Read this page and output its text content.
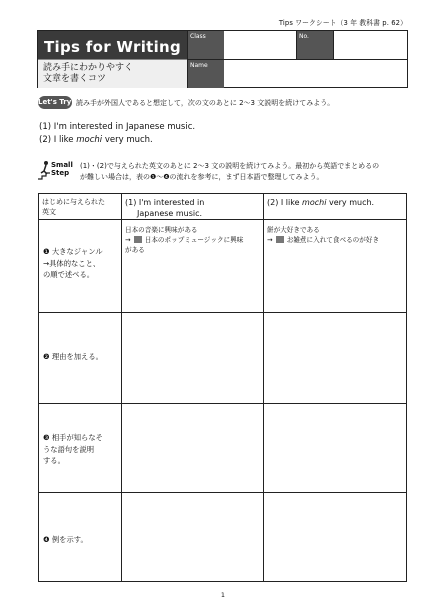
Tips ワークシート（3 年 教科書 p. 62）
Tips for Writing
読み手にわかりやすく
文章を書くコツ
Class	No.
Name
Let's Try! 読み手が外国人であると想定して，次の文のあとに 2～3 文説明を続けてみよう。
(1) I'm interested in Japanese music.
(2) I like mochi very much.
Small
Step
(1)・(2)で与えられた英文のあとに 2～3 文の説明を続けてみよう。最初から英語でまとめるの
が難しい場合は，表の❶～❹の流れを参考に，まず日本語で整理してみよう。
はじめに与えられた
英文
(1) I'm interested in
Japanese music.
(2) I like mochi very much.
❶ 大きなジャンル
→具体的なこと、
の順で述べる。
日本の音楽に興味がある
→  日本のポップミュージックに興味
がある
餅が大好きである
→  お雑煮に入れて食べるのが好き
❷ 理由を加える。
❸ 相手が知らなそ
うな語句を説明
する。
❹ 例を示す。
1
